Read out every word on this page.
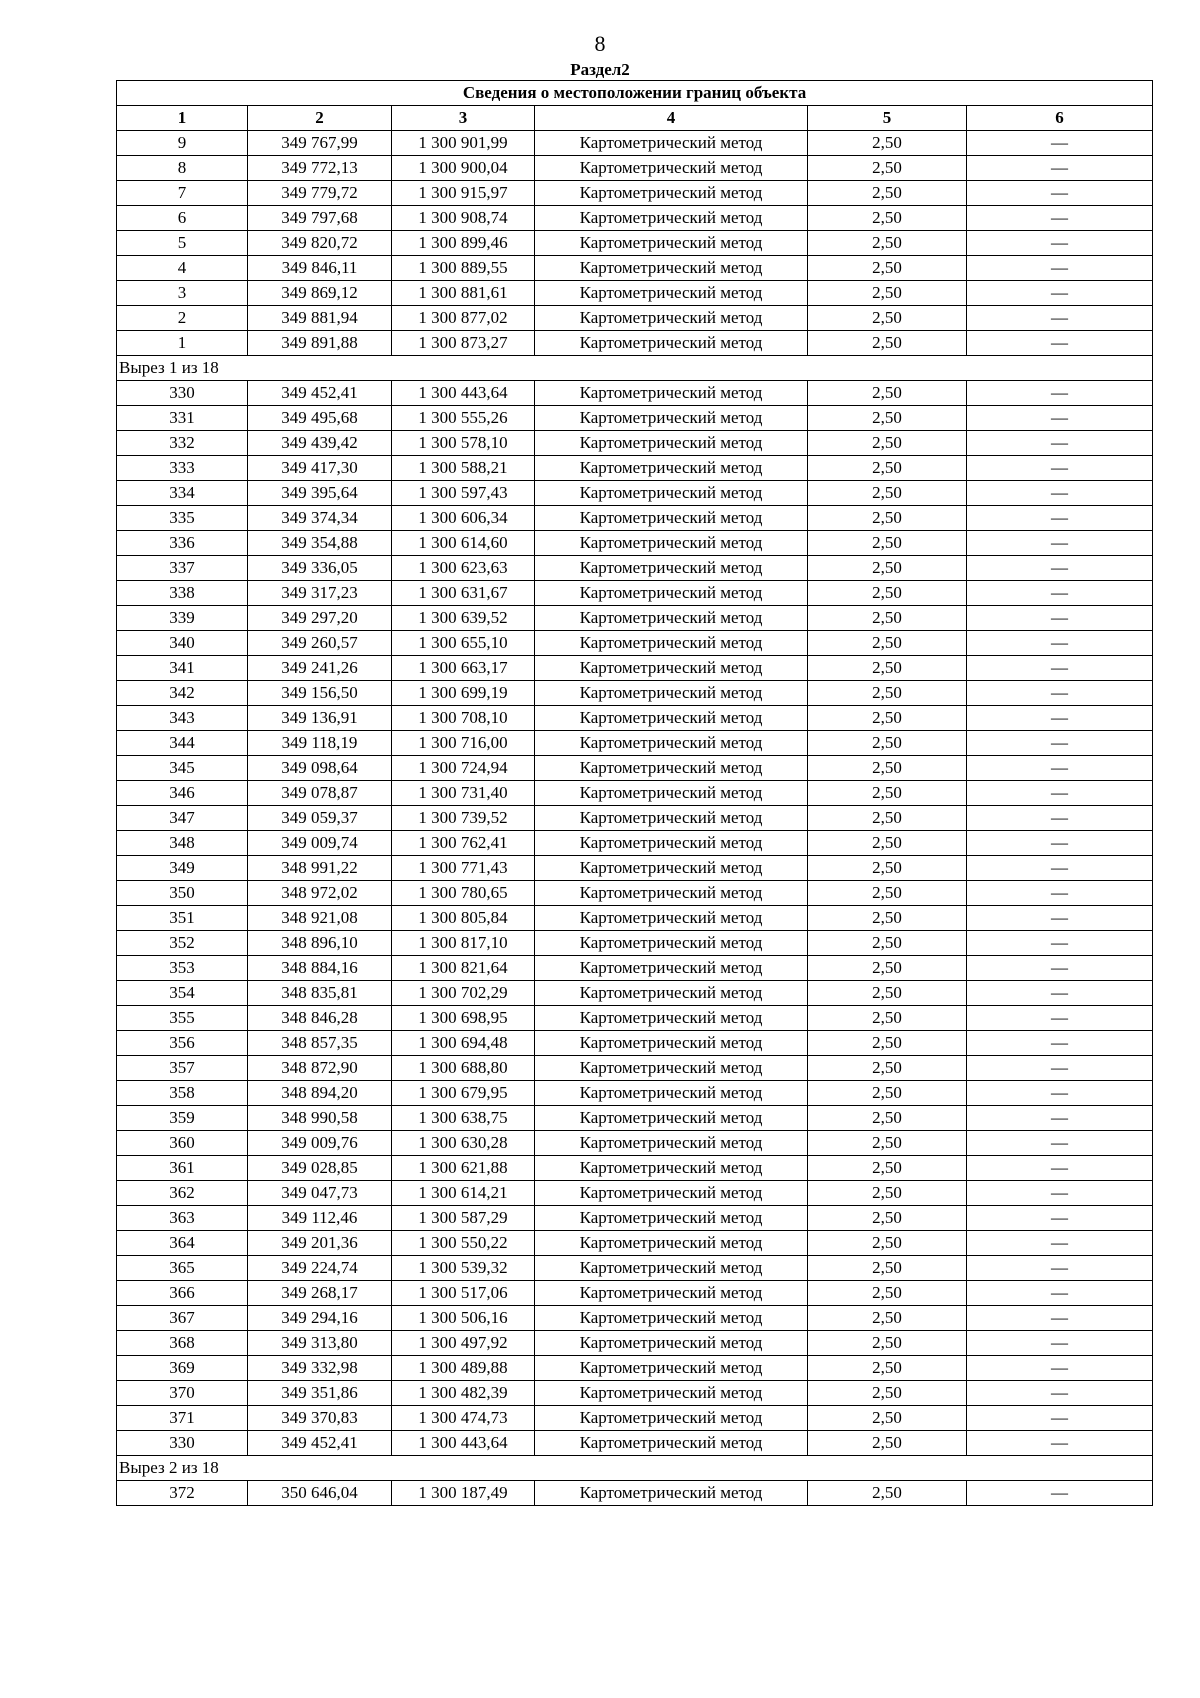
8
Раздел2
Сведения о местоположении границ объекта					
1	2	3	4	5	6
9	349 767,99	1 300 901,99	Картометрический метод	2,50	—
8	349 772,13	1 300 900,04	Картометрический метод	2,50	—
7	349 779,72	1 300 915,97	Картометрический метод	2,50	—
6	349 797,68	1 300 908,74	Картометрический метод	2,50	—
5	349 820,72	1 300 899,46	Картометрический метод	2,50	—
4	349 846,11	1 300 889,55	Картометрический метод	2,50	—
3	349 869,12	1 300 881,61	Картометрический метод	2,50	—
2	349 881,94	1 300 877,02	Картометрический метод	2,50	—
1	349 891,88	1 300 873,27	Картометрический метод	2,50	—
Вырез 1 из 18					
330	349 452,41	1 300 443,64	Картометрический метод	2,50	—
331	349 495,68	1 300 555,26	Картометрический метод	2,50	—
332	349 439,42	1 300 578,10	Картометрический метод	2,50	—
333	349 417,30	1 300 588,21	Картометрический метод	2,50	—
334	349 395,64	1 300 597,43	Картометрический метод	2,50	—
335	349 374,34	1 300 606,34	Картометрический метод	2,50	—
336	349 354,88	1 300 614,60	Картометрический метод	2,50	—
337	349 336,05	1 300 623,63	Картометрический метод	2,50	—
338	349 317,23	1 300 631,67	Картометрический метод	2,50	—
339	349 297,20	1 300 639,52	Картометрический метод	2,50	—
340	349 260,57	1 300 655,10	Картометрический метод	2,50	—
341	349 241,26	1 300 663,17	Картометрический метод	2,50	—
342	349 156,50	1 300 699,19	Картометрический метод	2,50	—
343	349 136,91	1 300 708,10	Картометрический метод	2,50	—
344	349 118,19	1 300 716,00	Картометрический метод	2,50	—
345	349 098,64	1 300 724,94	Картометрический метод	2,50	—
346	349 078,87	1 300 731,40	Картометрический метод	2,50	—
347	349 059,37	1 300 739,52	Картометрический метод	2,50	—
348	349 009,74	1 300 762,41	Картометрический метод	2,50	—
349	348 991,22	1 300 771,43	Картометрический метод	2,50	—
350	348 972,02	1 300 780,65	Картометрический метод	2,50	—
351	348 921,08	1 300 805,84	Картометрический метод	2,50	—
352	348 896,10	1 300 817,10	Картометрический метод	2,50	—
353	348 884,16	1 300 821,64	Картометрический метод	2,50	—
354	348 835,81	1 300 702,29	Картометрический метод	2,50	—
355	348 846,28	1 300 698,95	Картометрический метод	2,50	—
356	348 857,35	1 300 694,48	Картометрический метод	2,50	—
357	348 872,90	1 300 688,80	Картометрический метод	2,50	—
358	348 894,20	1 300 679,95	Картометрический метод	2,50	—
359	348 990,58	1 300 638,75	Картометрический метод	2,50	—
360	349 009,76	1 300 630,28	Картометрический метод	2,50	—
361	349 028,85	1 300 621,88	Картометрический метод	2,50	—
362	349 047,73	1 300 614,21	Картометрический метод	2,50	—
363	349 112,46	1 300 587,29	Картометрический метод	2,50	—
364	349 201,36	1 300 550,22	Картометрический метод	2,50	—
365	349 224,74	1 300 539,32	Картометрический метод	2,50	—
366	349 268,17	1 300 517,06	Картометрический метод	2,50	—
367	349 294,16	1 300 506,16	Картометрический метод	2,50	—
368	349 313,80	1 300 497,92	Картометрический метод	2,50	—
369	349 332,98	1 300 489,88	Картометрический метод	2,50	—
370	349 351,86	1 300 482,39	Картометрический метод	2,50	—
371	349 370,83	1 300 474,73	Картометрический метод	2,50	—
330	349 452,41	1 300 443,64	Картометрический метод	2,50	—
Вырез 2 из 18					
372	350 646,04	1 300 187,49	Картометрический метод	2,50	—
